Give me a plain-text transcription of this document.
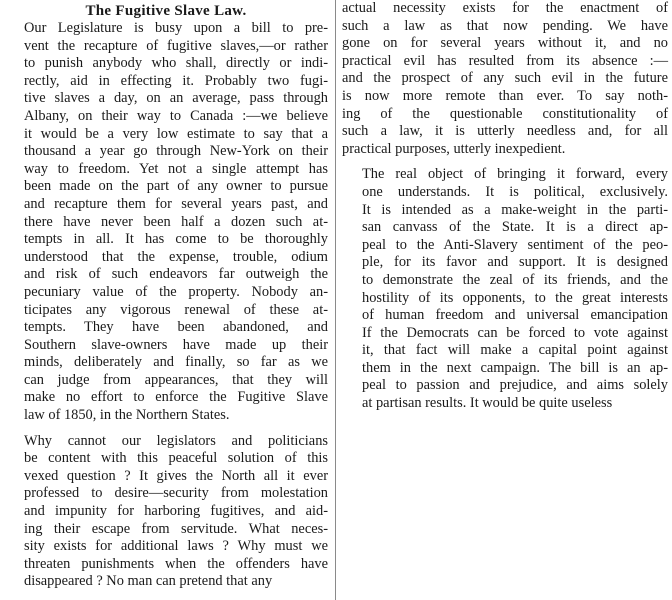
The Fugitive Slave Law.
Our Legislature is busy upon a bill to pre-
vent the recapture of fugitive slaves,—or rather
to punish anybody who shall, directly or indi-
rectly, aid in effecting it. Probably two fugi-
tive slaves a day, on an average, pass through
Albany, on their way to Canada :—we believe
it would be a very low estimate to say that a
thousand a year go through New-York on their
way to freedom. Yet not a single attempt has
been made on the part of any owner to pursue
and recapture them for several years past, and
there have never been half a dozen such at-
tempts in all. It has come to be thoroughly
understood that the expense, trouble, odium
and risk of such endeavors far outweigh the
pecuniary value of the property. Nobody an-
ticipates any vigorous renewal of these at-
tempts. They have been abandoned, and
Southern slave-owners have made up their
minds, deliberately and finally, so far as we
can judge from appearances, that they will
make no effort to enforce the Fugitive Slave
law of 1850, in the Northern States.
Why cannot our legislators and politicians
be content with this peaceful solution of this
vexed question ? It gives the North all it ever
professed to desire—security from molestation
and impunity for harboring fugitives, and aid-
ing their escape from servitude. What neces-
sity exists for additional laws ? Why must we
threaten punishments when the offenders have
disappeared ? No man can pretend that any
actual necessity exists for the enactment of
such a law as that now pending. We have
gone on for several years without it, and no
practical evil has resulted from its absence :—
and the prospect of any such evil in the future
is now more remote than ever. To say noth-
ing of the questionable constitutionality of
such a law, it is utterly needless and, for all
practical purposes, utterly inexpedient.
The real object of bringing it forward, every
one understands. It is political, exclusively.
It is intended as a make-weight in the parti-
san canvass of the State. It is a direct ap-
peal to the Anti-Slavery sentiment of the peo-
ple, for its favor and support. It is designed
to demonstrate the zeal of its friends, and the
hostility of its opponents, to the great interests
of human freedom and universal emancipation
If the Democrats can be forced to vote against
it, that fact will make a capital point against
them in the next campaign. The bill is an ap-
peal to passion and prejudice, and aims solely
at partisan results. It would be quite useless
